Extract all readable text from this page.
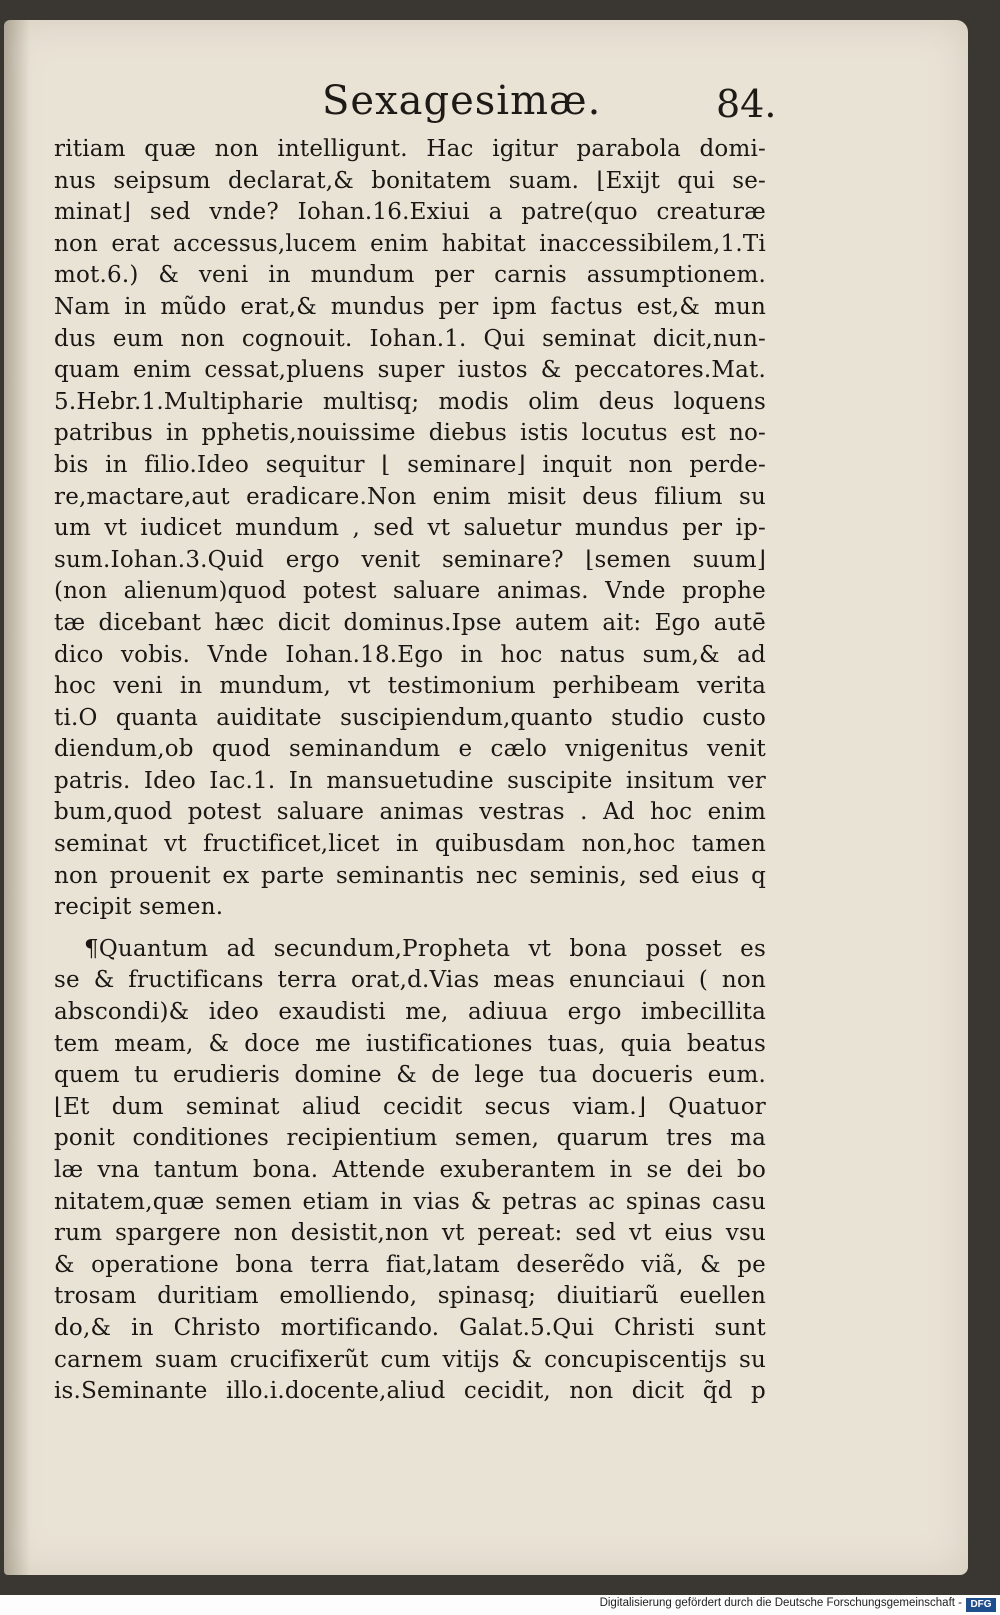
Sexagesimæ.	84.
ritiam quæ non intelligunt. Hac igitur parabola domi-
nus seipsum declarat,& bonitatem suam. ⌊Exijt qui se-
minat⌋ sed vnde? Iohan.16.Exiui a patre(quo creaturæ
non erat accessus,lucem enim habitat inaccessibilem,1.Ti
mot.6.) & veni in mundum per carnis assumptionem.
Nam in mũdo erat,& mundus per ipm factus est,& mun
dus eum non cognouit. Iohan.1. Qui seminat dicit,nun-
quam enim cessat,pluens super iustos & peccatores.Mat.
5.Hebr.1.Multipharie multisq; modis olim deus loquens
patribus in pphetis,nouissime diebus istis locutus est no-
bis in filio.Ideo sequitur ⌊ seminare⌋ inquit non perde-
re,mactare,aut eradicare.Non enim misit deus filium su
um vt iudicet mundum , sed vt saluetur mundus per ip-
sum.Iohan.3.Quid ergo venit seminare? ⌊semen suum⌋
(non alienum)quod potest saluare animas. Vnde prophe
tæ dicebant hæc dicit dominus.Ipse autem ait: Ego autē
dico vobis. Vnde Iohan.18.Ego in hoc natus sum,& ad
hoc veni in mundum, vt testimonium perhibeam verita
ti.O quanta auiditate suscipiendum,quanto studio custo
diendum,ob quod seminandum e cælo vnigenitus venit
patris. Ideo Iac.1. In mansuetudine suscipite insitum ver
bum,quod potest saluare animas vestras . Ad hoc enim
seminat vt fructificet,licet in quibusdam non,hoc tamen
non prouenit ex parte seminantis nec seminis, sed eius q
recipit semen.
¶Quantum ad secundum,Propheta vt bona posset es
se & fructificans terra orat,d.Vias meas enunciaui ( non
abscondi)& ideo exaudisti me, adiuua ergo imbecillita
tem meam, & doce me iustificationes tuas, quia beatus
quem tu erudieris domine & de lege tua docueris eum.
⌊Et dum seminat aliud cecidit secus viam.⌋ Quatuor
ponit conditiones recipientium semen, quarum tres ma
læ vna tantum bona. Attende exuberantem in se dei bo
nitatem,quæ semen etiam in vias & petras ac spinas casu
rum spargere non desistit,non vt pereat: sed vt eius vsu
& operatione bona terra fiat,latam deserẽdo viã, & pe
trosam duritiam emolliendo, spinasq; diuitiarũ euellen
do,& in Christo mortificando. Galat.5.Qui Christi sunt
carnem suam crucifixerũt cum vitijs & concupiscentijs su
is.Seminante illo.i.docente,aliud cecidit, non dicit q̃d p
Digitalisierung gefördert durch die Deutsche Forschungsgemeinschaft - DFG
